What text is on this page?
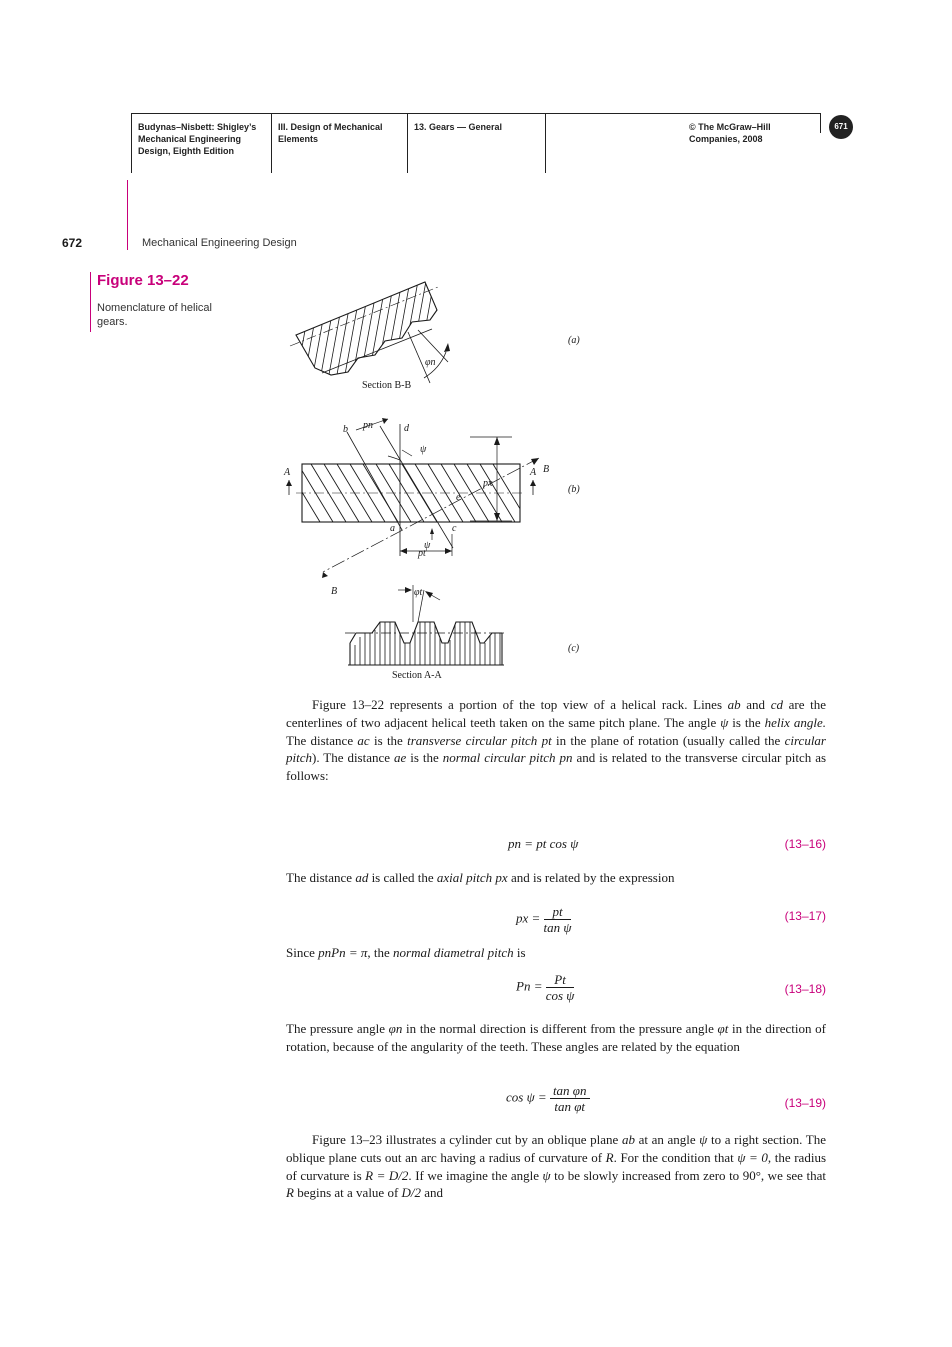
Budynas–Nisbett: Shigley’s
Mechanical Engineering
Design, Eighth Edition
III. Design of Mechanical
Elements
13. Gears — General	© The McGraw–Hill
Companies, 2008
671
672	Mechanical Engineering Design
Figure 13–22
Nomenclature of helical gears.
φn
Section B-B
(a)
b pn	d
ψ
px
B
B
A	A
a	c
e
ψ
pt
(b)
φt
Section A-A
(c)
Figure 13–22 represents a portion of the top view of a helical rack. Lines ab and cd are the centerlines of two adjacent helical teeth taken on the same pitch plane. The angle ψ is the helix angle. The distance ac is the transverse circular pitch pt in the plane of rotation (usually called the circular pitch). The distance ae is the normal circular pitch pn and is related to the transverse circular pitch as follows:
pn = pt cos ψ	(13–16)
The distance ad is called the axial pitch px and is related by the expression
px = $\frac{pt}{\text{tan ψ}}$	(13–17)
Since pnPn = π, the normal diametral pitch is
$Pn = \frac{Pt}{\text{cos ψ}}$	(13–18)
The pressure angle φn in the normal direction is different from the pressure angle φt in the direction of rotation, because of the angularity of the teeth. These angles are related by the equation
$\cos \psi = \frac{\text{tan φn}}{\text{tan φt}}$	(13–19)
Figure 13–23 illustrates a cylinder cut by an oblique plane ab at an angle ψ to a right section. The oblique plane cuts out an arc having a radius of curvature of R. For the condition that ψ = 0, the radius of curvature is R = D/2. If we imagine the angle ψ to be slowly increased from zero to 90°, we see that R begins at a value of D/2 and
